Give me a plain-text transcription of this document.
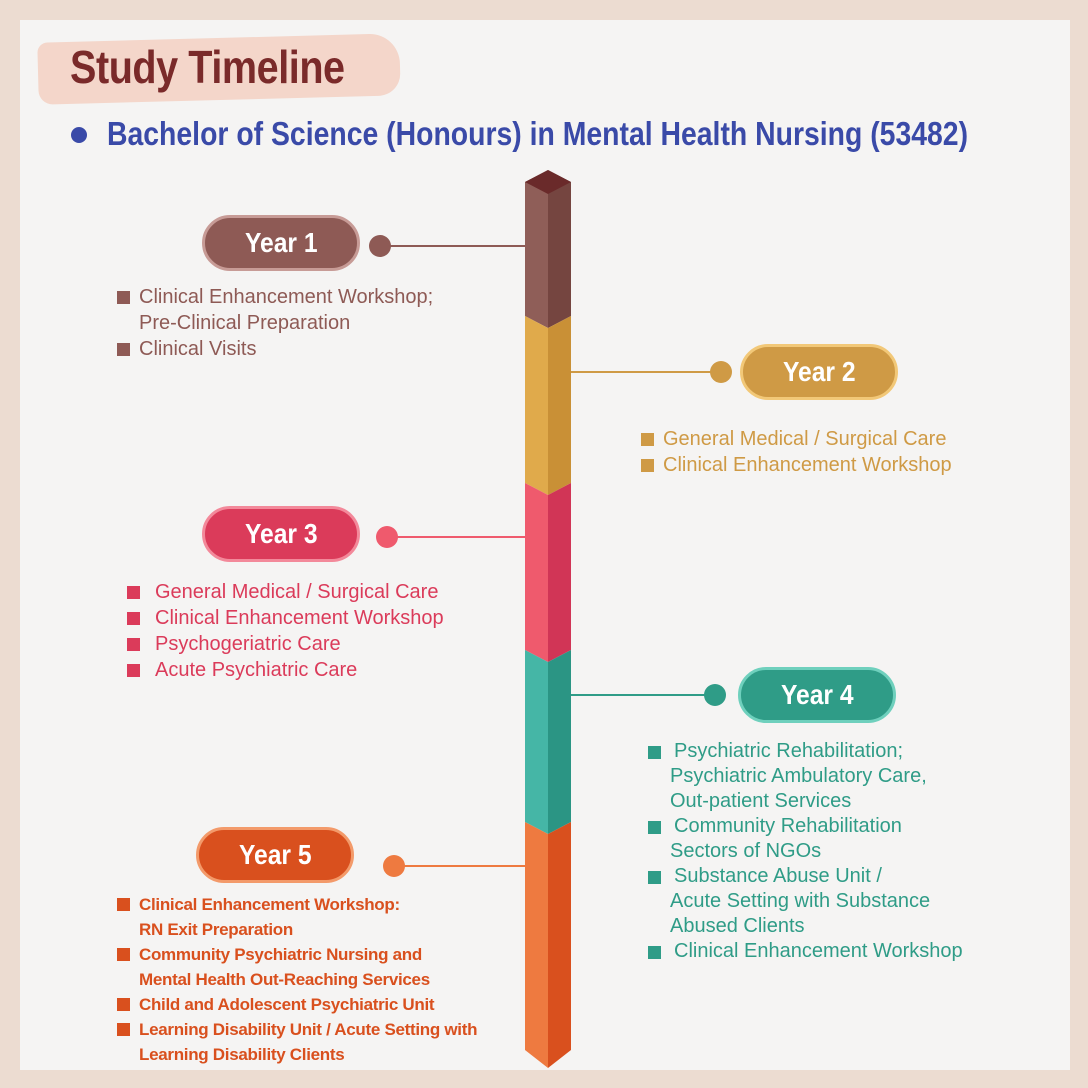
Study Timeline
Bachelor of Science (Honours) in Mental Health Nursing (53482)
Year 1
Clinical Enhancement Workshop;
Pre-Clinical Preparation
Clinical Visits
Year 2
General Medical / Surgical Care
Clinical Enhancement Workshop
Year 3
General Medical / Surgical Care
Clinical Enhancement Workshop
Psychogeriatric Care
Acute Psychiatric Care
Year 4
Psychiatric Rehabilitation;
Psychiatric Ambulatory Care,
Out-patient Services
Community Rehabilitation
Sectors of NGOs
Substance Abuse Unit /
Acute Setting with Substance
Abused Clients
Clinical Enhancement Workshop
Year 5
Clinical Enhancement Workshop:
RN Exit Preparation
Community Psychiatric Nursing and
Mental Health Out-Reaching Services
Child and Adolescent Psychiatric Unit
Learning Disability Unit / Acute Setting with
Learning Disability Clients
